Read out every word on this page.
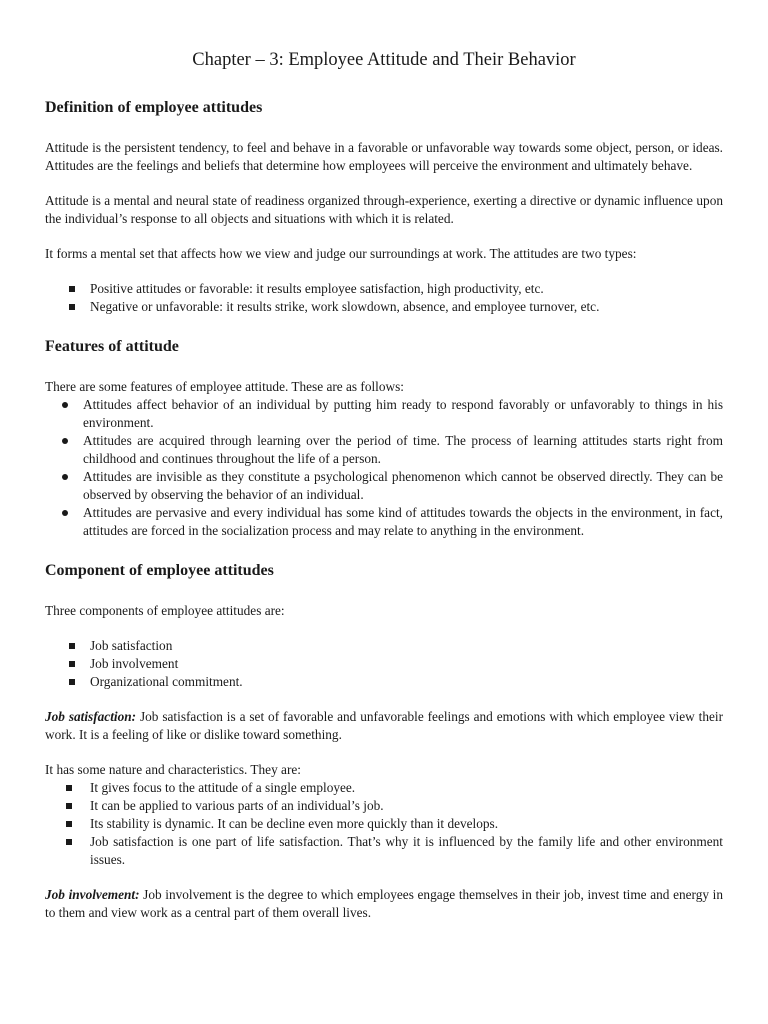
Chapter – 3: Employee Attitude and Their Behavior
Definition of employee attitudes

Attitude is the persistent tendency, to feel and behave in a favorable or unfavorable way towards some object, person, or ideas. Attitudes are the feelings and beliefs that determine how employees will perceive the environment and ultimately behave.

Attitude is a mental and neural state of readiness organized through-experience, exerting a directive or dynamic influence upon the individual’s response to all objects and situations with which it is related.

It forms a mental set that affects how we view and judge our surroundings at work. The attitudes are two types:

Positive attitudes or favorable: it results employee satisfaction, high productivity, etc.
Negative or unfavorable: it results strike, work slowdown, absence, and employee turnover, etc.
Features of attitude

There are some features of employee attitude. These are as follows:

Attitudes affect behavior of an individual by putting him ready to respond favorably or unfavorably to things in his environment.
Attitudes are acquired through learning over the period of time. The process of learning attitudes starts right from childhood and continues throughout the life of a person.
Attitudes are invisible as they constitute a psychological phenomenon which cannot be observed directly. They can be observed by observing the behavior of an individual.
Attitudes are pervasive and every individual has some kind of attitudes towards the objects in the environment, in fact, attitudes are forced in the socialization process and may relate to anything in the environment.
Component of employee attitudes

Three components of employee attitudes are:

Job satisfaction
Job involvement
Organizational commitment.

Job satisfaction: Job satisfaction is a set of favorable and unfavorable feelings and emotions with which employee view their work. It is a feeling of like or dislike toward something.

It has some nature and characteristics. They are:

It gives focus to the attitude of a single employee.
It can be applied to various parts of an individual’s job.
Its stability is dynamic. It can be decline even more quickly than it develops.
Job satisfaction is one part of life satisfaction. That’s why it is influenced by the family life and other environment issues.

Job involvement: Job involvement is the degree to which employees engage themselves in their job, invest time and energy in to them and view work as a central part of them overall lives.
